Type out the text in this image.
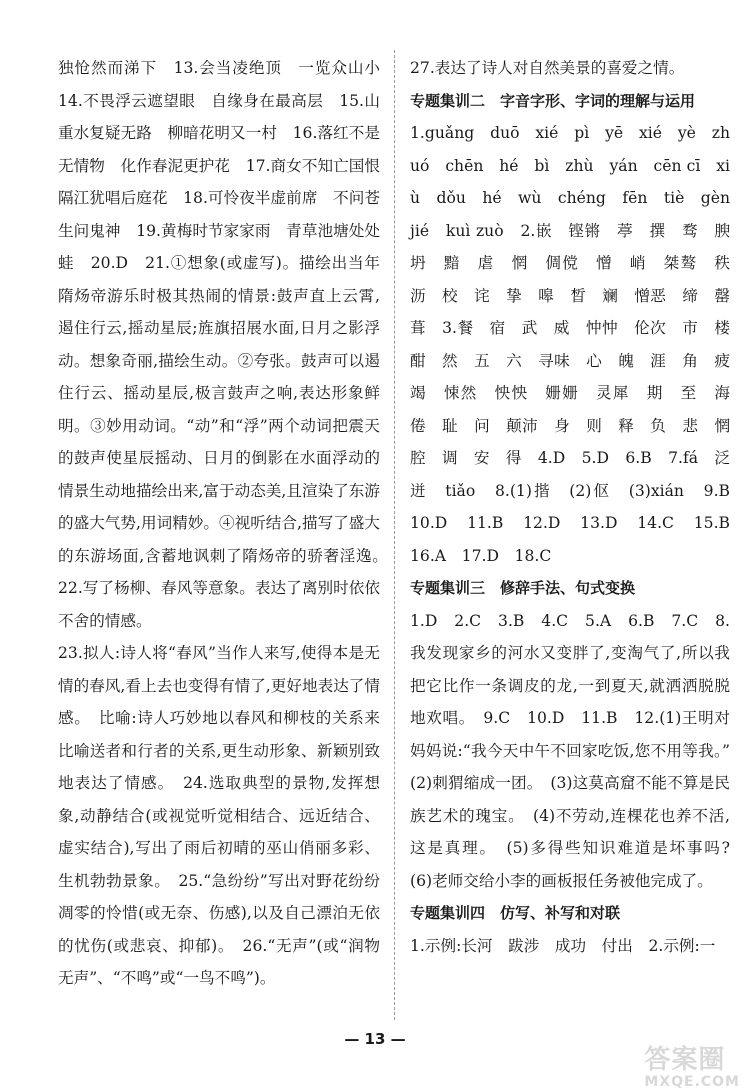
独怆然而涕下　13.会当凌绝顶　一览众山小　14.不畏浮云遮望眼　自缘身在最高层　15.山重水复疑无路　柳暗花明又一村　16.落红不是无情物　化作春泥更护花　17.商女不知亡国恨　隔江犹唱后庭花　18.可怜夜半虚前席　不问苍生问鬼神　19.黄梅时节家家雨　青草池塘处处蛙　20.D　21.①想象(或虚写)。描绘出当年隋炀帝游乐时极其热闹的情景:鼓声直上云霄,遏住行云,摇动星辰;旌旗招展水面,日月之影浮动。想象奇丽,描绘生动。②夸张。鼓声可以遏住行云、摇动星辰,极言鼓声之响,表达形象鲜明。③妙用动词。“动”和“浮”两个动词把震天的鼓声使星辰摇动、日月的倒影在水面浮动的情景生动地描绘出来,富于动态美,且渲染了东游的盛大气势,用词精妙。④视听结合,描写了盛大的东游场面,含蓄地讽刺了隋炀帝的骄奢淫逸。　22.写了杨柳、春风等意象。表达了离别时依依不舍的情感。

23.拟人:诗人将“春风”当作人来写,使得本是无情的春风,看上去也变得有情了,更好地表达了情感。　比喻:诗人巧妙地以春风和柳枝的关系来比喻送者和行者的关系,更生动形象、新颖别致地表达了情感。　24.选取典型的景物,发挥想象,动静结合(或视觉听觉相结合、远近结合、虚实结合),写出了雨后初晴的巫山俏丽多彩、生机勃勃景象。　25.“急纷纷”写出对野花纷纷凋零的怜惜(或无奈、伤感),以及自己漂泊无依的忧伤(或悲哀、抑郁)。　26.“无声”(或“润物无声”、“不鸣”或“一鸟不鸣”)。

27.表达了诗人对自然美景的喜爱之情。

专题集训二　字音字形、字词的理解与运用

1.guǎng　duō　xié　pì　yē　xié　yè　zhuó　chēn　hé　bì　zhù　yán　cēn cī　xiù　dǒu　hé　wù　chéng　fēn　tiè　gèn　jié　kuì zuò　2.嵌　铿锵　葶　撰　骛　腴　坍　黯　虐　惘　倜傥　憎　峭　桀骜　秩　沥　校　诧　挚　嗥　晳　斓　憎恶　缔　罄　葺　3.餐　宿　武　威　忡忡　伦次　市　楼　酣　然　五　六　寻味　心　魄　涯　角　疲　竭　悚然　怏怏　姗姗　灵犀　期　至　海　倦　耻　问　颠沛　身　则　释　负　悲　惘　腔　调　安　得　4.D　5.D　6.B　7.fá　泛　迸　tiǎo　8.(1)揩　(2)伛　(3)xián　9.B　10.D　11.B　12.D　13.D　14.C　15.B　16.A　17.D　18.C

专题集训三　修辞手法、句式变换

1.D　2.C　3.B　4.C　5.A　6.B　7.C　8.我发现家乡的河水又变胖了,变淘气了,所以我把它比作一条调皮的龙,一到夏天,就洒洒脱脱地欢唱。　9.C　10.D　11.B　12.(1)王明对妈妈说:“我今天中午不回家吃饭,您不用等我。”　(2)刺猬缩成一团。　(3)这莫高窟不能不算是民族艺术的瑰宝。　(4)不劳动,连棵花也养不活,这是真理。　(5)多得些知识难道是坏事吗?　(6)老师交给小李的画板报任务被他完成了。

专题集训四　仿写、补写和对联

1.示例:长河　跋涉　成功　付出　2.示例:一

— 13 —
答案圈
MXQE.COM
